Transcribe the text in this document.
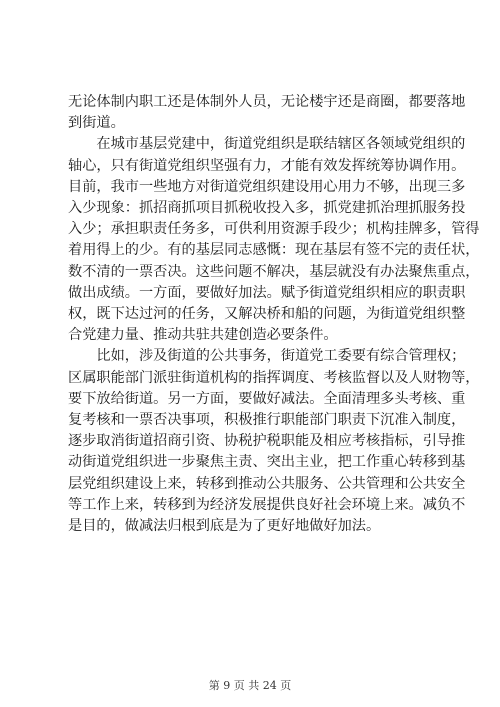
无论体制内职工还是体制外人员，无论楼宇还是商圈，都要落地
到街道。

　　在城市基层党建中，街道党组织是联结辖区各领域党组织的
轴心，只有街道党组织坚强有力，才能有效发挥统筹协调作用。
目前，我市一些地方对街道党组织建设用心用力不够，出现三多
入少现象：抓招商抓项目抓税收投入多，抓党建抓治理抓服务投
入少；承担职责任务多，可供利用资源手段少；机构挂牌多，管得
着用得上的少。有的基层同志感慨：现在基层有签不完的责任状，
数不清的一票否决。这些问题不解决，基层就没有办法聚焦重点，
做出成绩。一方面，要做好加法。赋予街道党组织相应的职责职
权，既下达过河的任务，又解决桥和船的问题，为街道党组织整
合党建力量、推动共驻共建创造必要条件。

　　比如，涉及街道的公共事务，街道党工委要有综合管理权；
区属职能部门派驻街道机构的指挥调度、考核监督以及人财物等，
要下放给街道。另一方面，要做好减法。全面清理多头考核、重
复考核和一票否决事项，积极推行职能部门职责下沉准入制度，
逐步取消街道招商引资、协税护税职能及相应考核指标，引导推
动街道党组织进一步聚焦主责、突出主业，把工作重心转移到基
层党组织建设上来，转移到推动公共服务、公共管理和公共安全
等工作上来，转移到为经济发展提供良好社会环境上来。减负不
是目的，做减法归根到底是为了更好地做好加法。

第 9 页 共 24 页
